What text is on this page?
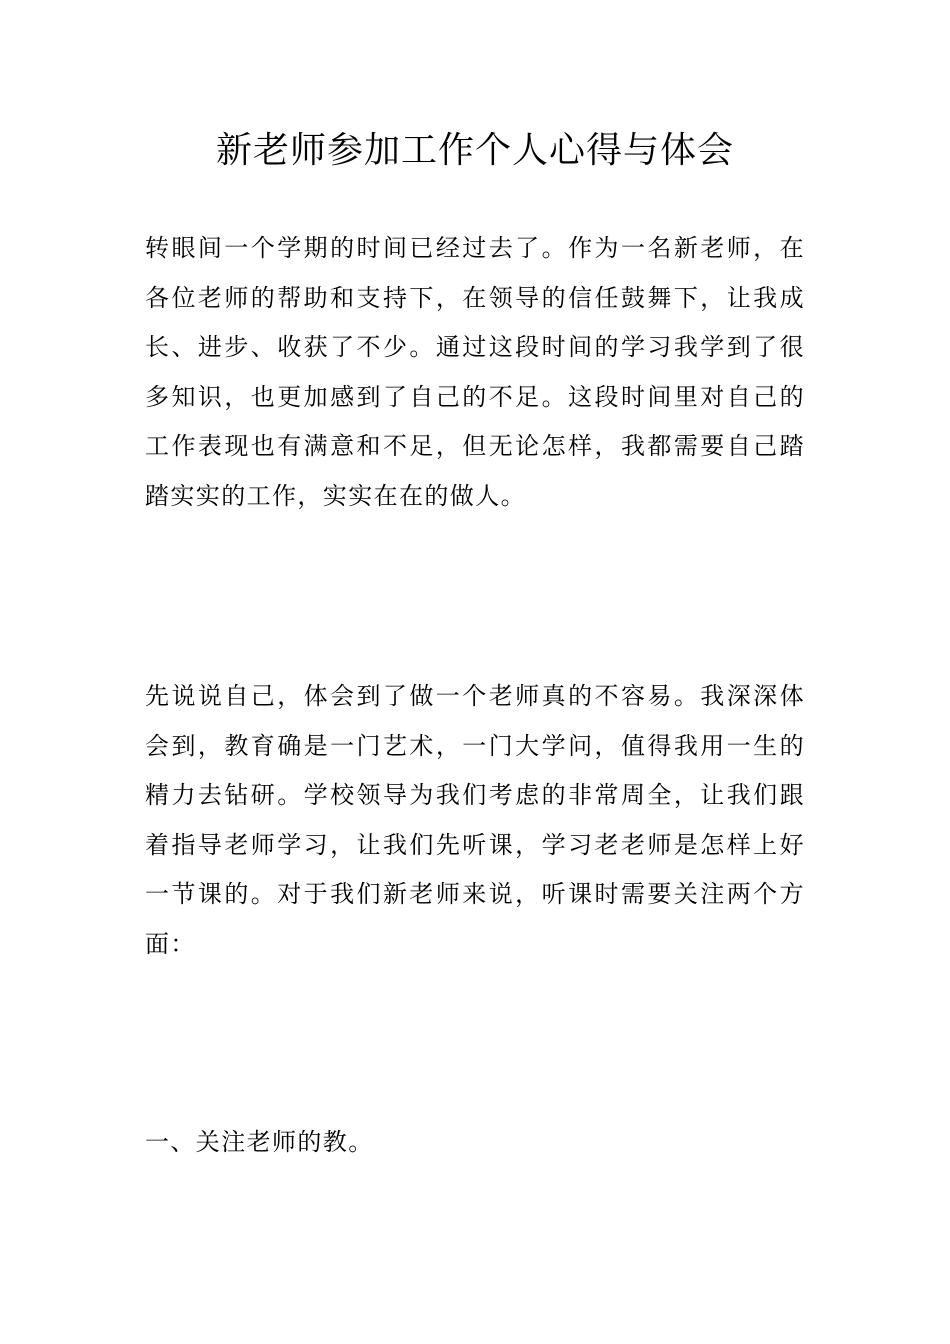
新老师参加工作个人心得与体会

转眼间一个学期的时间已经过去了。作为一名新老师，在各位老师的帮助和支持下，在领导的信任鼓舞下，让我成长、进步、收获了不少。通过这段时间的学习我学到了很多知识，也更加感到了自己的不足。这段时间里对自己的工作表现也有满意和不足，但无论怎样，我都需要自己踏踏实实的工作，实实在在的做人。

先说说自己，体会到了做一个老师真的不容易。我深深体会到，教育确是一门艺术，一门大学问，值得我用一生的精力去钻研。学校领导为我们考虑的非常周全，让我们跟着指导老师学习，让我们先听课，学习老老师是怎样上好一节课的。对于我们新老师来说，听课时需要关注两个方面：

一、关注老师的教。
